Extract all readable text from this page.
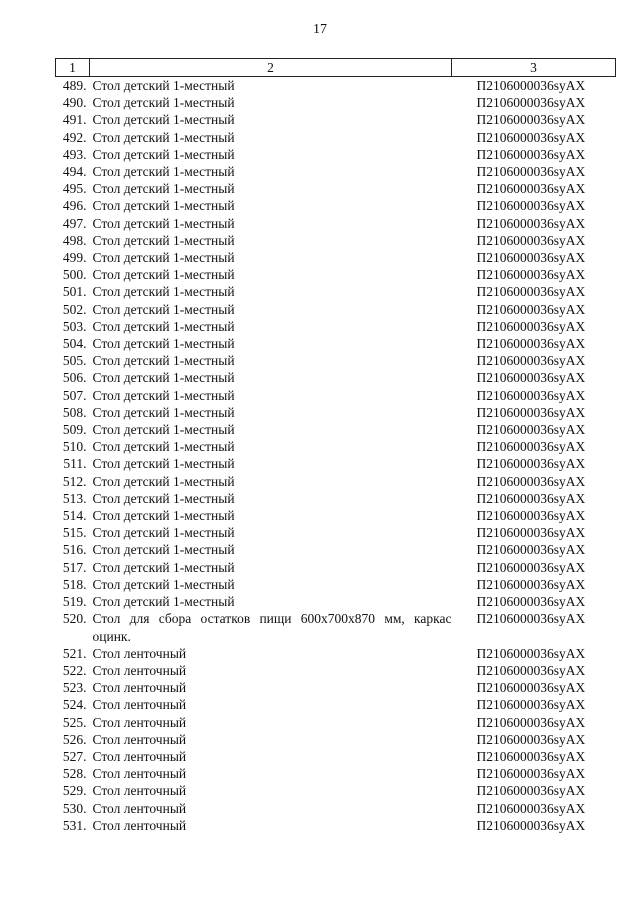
17
1	2	3
489.	Стол детский 1-местный	П2106000036syAX
490.	Стол детский 1-местный	П2106000036syAX
491.	Стол детский 1-местный	П2106000036syAX
492.	Стол детский 1-местный	П2106000036syAX
493.	Стол детский 1-местный	П2106000036syAX
494.	Стол детский 1-местный	П2106000036syAX
495.	Стол детский 1-местный	П2106000036syAX
496.	Стол детский 1-местный	П2106000036syAX
497.	Стол детский 1-местный	П2106000036syAX
498.	Стол детский 1-местный	П2106000036syAX
499.	Стол детский 1-местный	П2106000036syAX
500.	Стол детский 1-местный	П2106000036syAX
501.	Стол детский 1-местный	П2106000036syAX
502.	Стол детский 1-местный	П2106000036syAX
503.	Стол детский 1-местный	П2106000036syAX
504.	Стол детский 1-местный	П2106000036syAX
505.	Стол детский 1-местный	П2106000036syAX
506.	Стол детский 1-местный	П2106000036syAX
507.	Стол детский 1-местный	П2106000036syAX
508.	Стол детский 1-местный	П2106000036syAX
509.	Стол детский 1-местный	П2106000036syAX
510.	Стол детский 1-местный	П2106000036syAX
511.	Стол детский 1-местный	П2106000036syAX
512.	Стол детский 1-местный	П2106000036syAX
513.	Стол детский 1-местный	П2106000036syAX
514.	Стол детский 1-местный	П2106000036syAX
515.	Стол детский 1-местный	П2106000036syAX
516.	Стол детский 1-местный	П2106000036syAX
517.	Стол детский 1-местный	П2106000036syAX
518.	Стол детский 1-местный	П2106000036syAX
519.	Стол детский 1-местный	П2106000036syAX
520.	Стол для сбора остатков пищи 600х700х870 мм, каркас оцинк.	П2106000036syAX
521.	Стол ленточный	П2106000036syAX
522.	Стол ленточный	П2106000036syAX
523.	Стол ленточный	П2106000036syAX
524.	Стол ленточный	П2106000036syAX
525.	Стол ленточный	П2106000036syAX
526.	Стол ленточный	П2106000036syAX
527.	Стол ленточный	П2106000036syAX
528.	Стол ленточный	П2106000036syAX
529.	Стол ленточный	П2106000036syAX
530.	Стол ленточный	П2106000036syAX
531.	Стол ленточный	П2106000036syAX
